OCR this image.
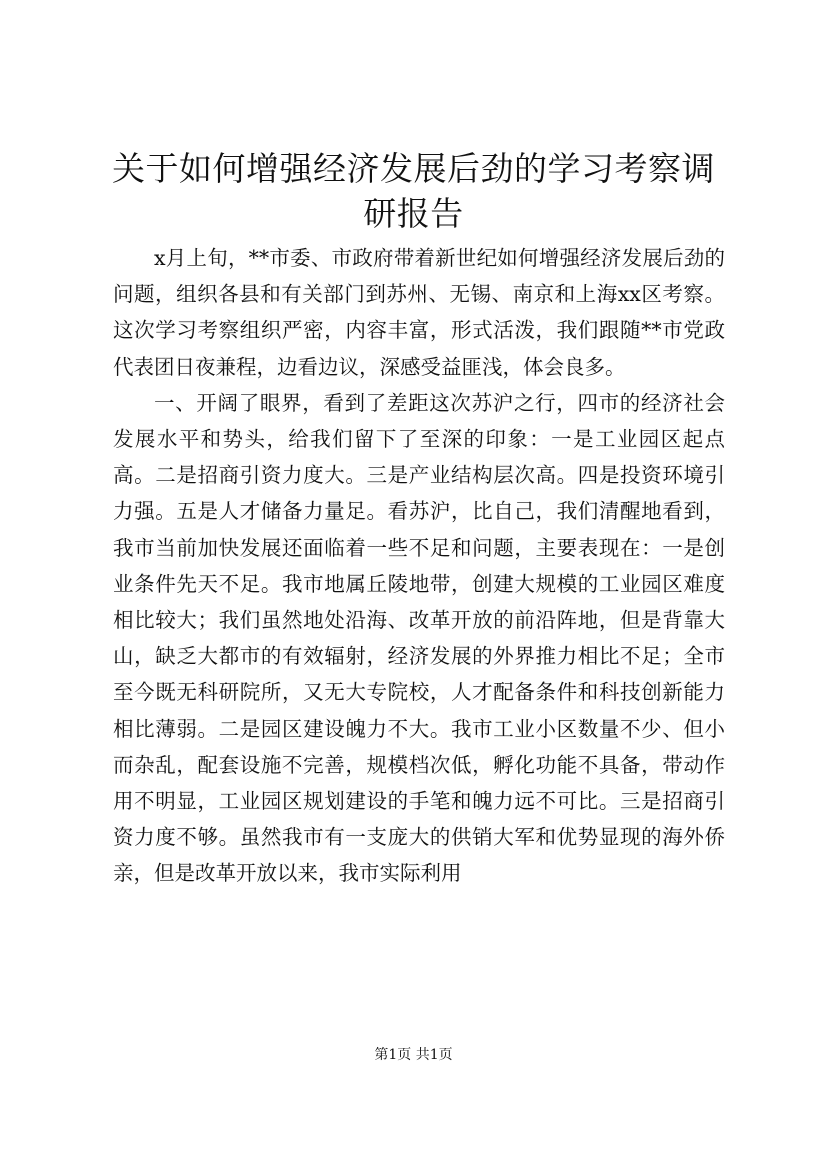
关于如何增强经济发展后劲的学习考察调研报告

x月上旬，**市委、市政府带着新世纪如何增强经济发展后劲的问题，组织各县和有关部门到苏州、无锡、南京和上海xx区考察。这次学习考察组织严密，内容丰富，形式活泼，我们跟随**市党政代表团日夜兼程，边看边议，深感受益匪浅，体会良多。

一、开阔了眼界，看到了差距这次苏沪之行，四市的经济社会发展水平和势头，给我们留下了至深的印象：一是工业园区起点高。二是招商引资力度大。三是产业结构层次高。四是投资环境引力强。五是人才储备力量足。看苏沪，比自己，我们清醒地看到，我市当前加快发展还面临着一些不足和问题，主要表现在：一是创业条件先天不足。我市地属丘陵地带，创建大规模的工业园区难度相比较大；我们虽然地处沿海、改革开放的前沿阵地，但是背靠大山，缺乏大都市的有效辐射，经济发展的外界推力相比不足；全市至今既无科研院所，又无大专院校，人才配备条件和科技创新能力相比薄弱。二是园区建设魄力不大。我市工业小区数量不少、但小而杂乱，配套设施不完善，规模档次低，孵化功能不具备，带动作用不明显，工业园区规划建设的手笔和魄力远不可比。三是招商引资力度不够。虽然我市有一支庞大的供销大军和优势显现的海外侨亲，但是改革开放以来，我市实际利用

第1页 共1页
